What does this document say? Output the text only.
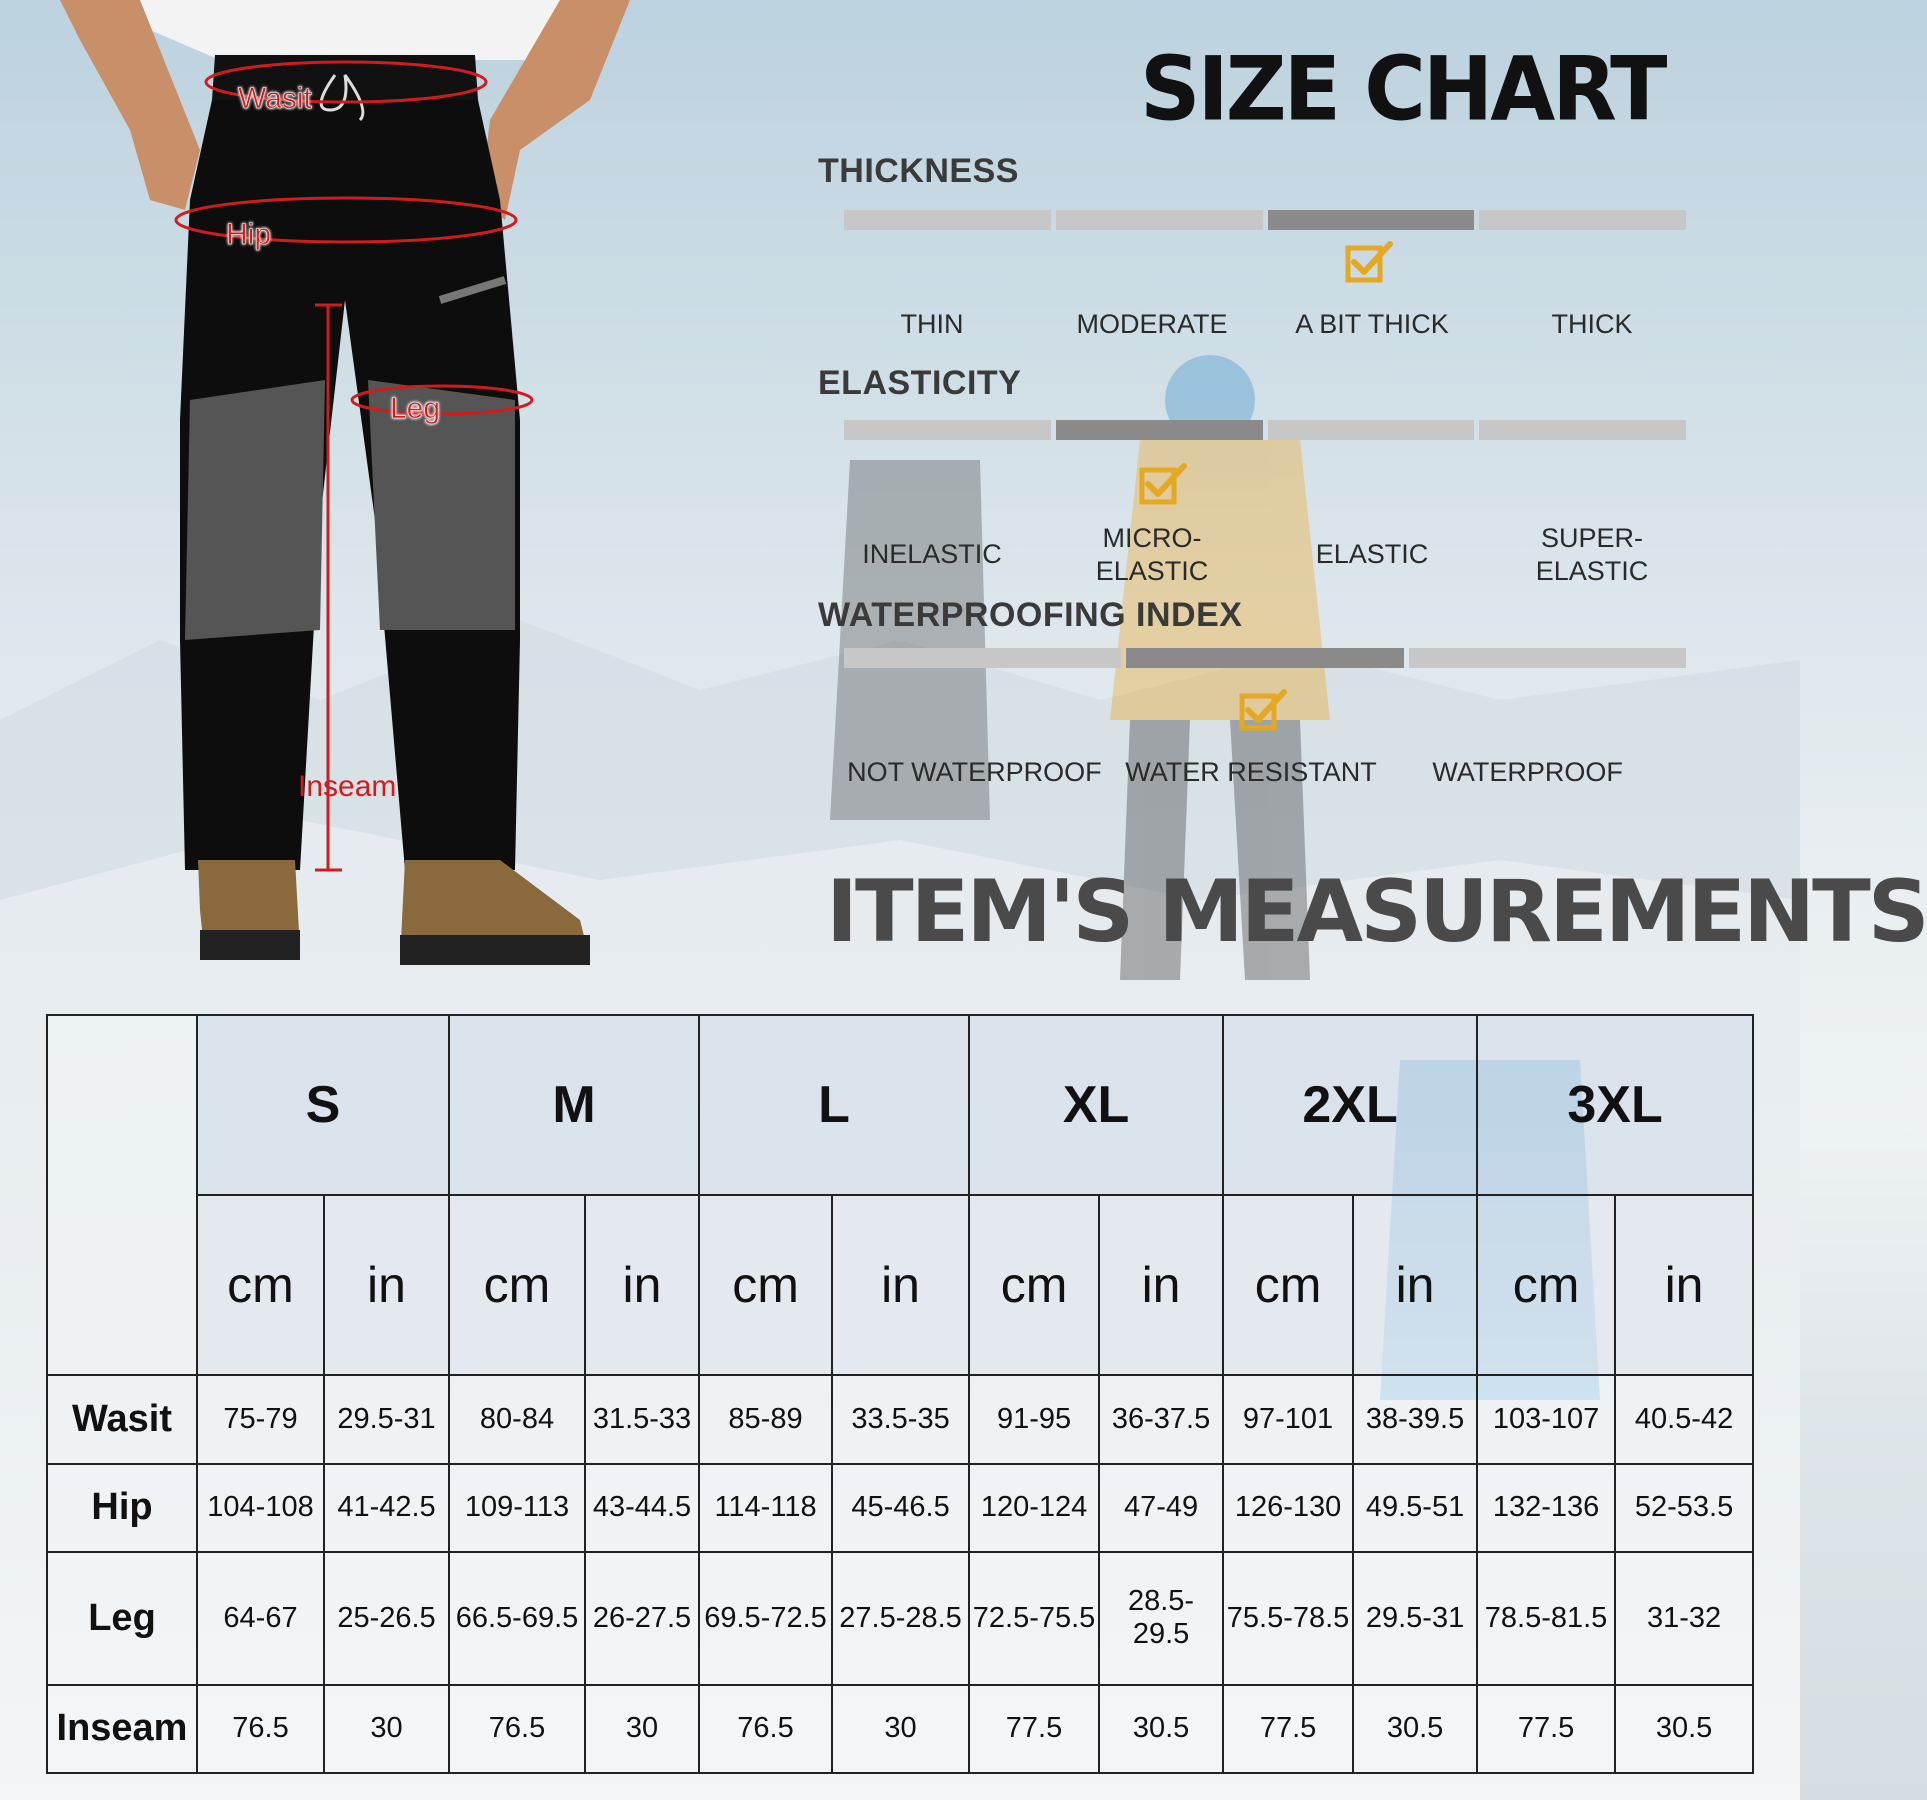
Wasit
Hip
Leg
Inseam
SIZE CHART
THICKNESS
THIN	MODERATE	A BIT THICK	THICK
ELASTICITY
INELASTIC
MICRO-
ELASTIC
ELASTIC
SUPER-
ELASTIC
WATERPROOFING INDEX
NOT WATERPROOF WATER RESISTANT	WATERPROOF
ITEM'S MEASUREMENTS
	S		M		L		XL		2XL		3XL	
	cm	in	cm	in	cm	in	cm	in	cm	in	cm	in
Wasit	75-79	29.5-31	80-84	31.5-33	85-89	33.5-35	91-95	36-37.5	97-101	38-39.5	103-107	40.5-42
Hip	104-108	41-42.5	109-113	43-44.5	114-118	45-46.5	120-124	47-49	126-130	49.5-51	132-136	52-53.5
Leg	64-67	25-26.5	66.5-69.5	26-27.5	69.5-72.5	27.5-28.5	72.5-75.5	28.5-29.5	75.5-78.5	29.5-31	78.5-81.5	31-32
Inseam	76.5	30	76.5	30	76.5	30	77.5	30.5	77.5	30.5	77.5	30.5
